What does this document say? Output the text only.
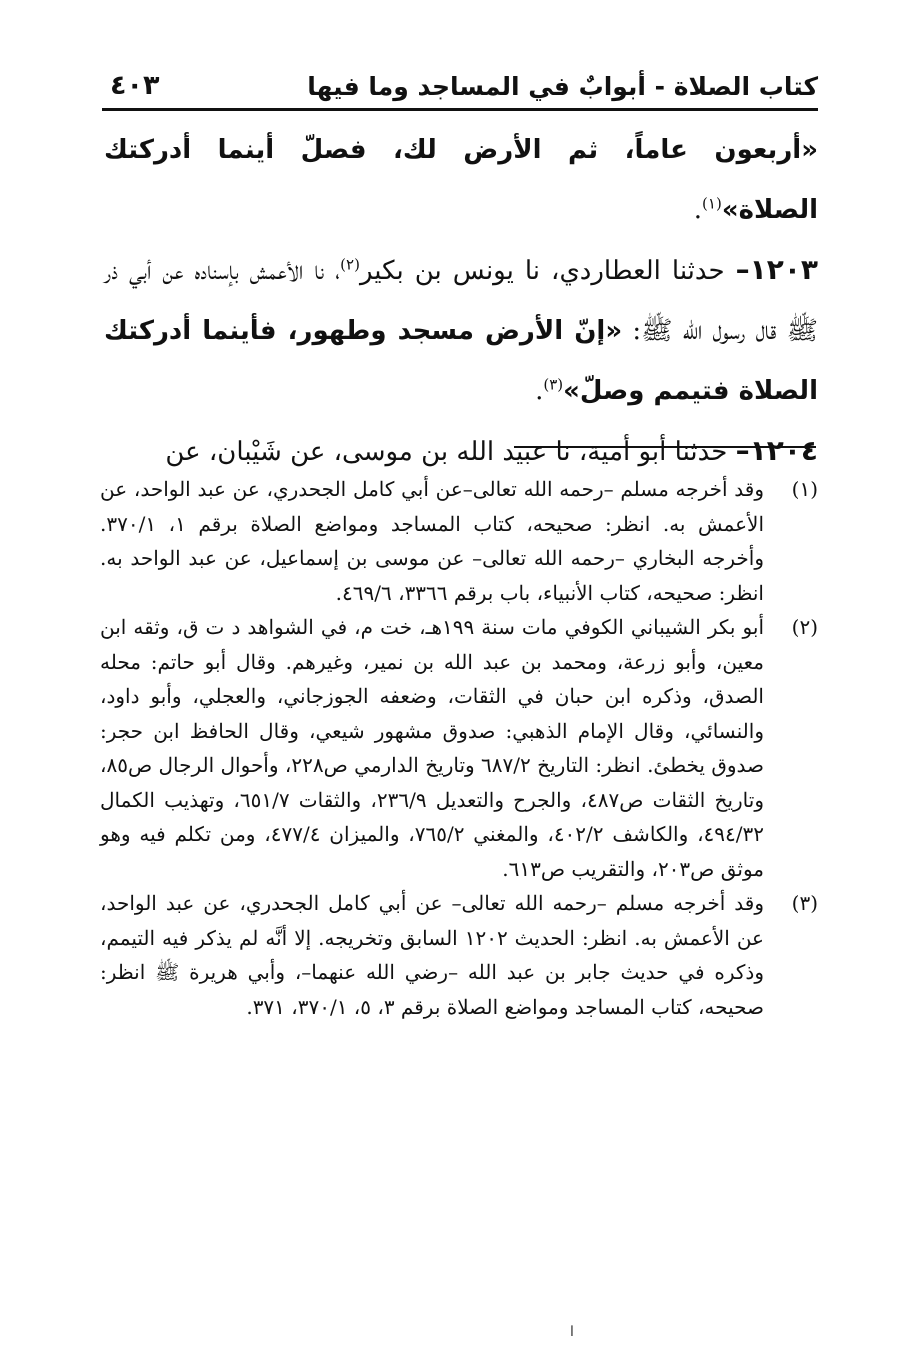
كتاب الصلاة - أبوابٌ في المساجد وما فيها
٤٠٣

«أربعون عاماً، ثم الأرض لك، فصلّ أينما أدركتك الصلاة»$^{(١)}$.

١٢٠٣– حدثنا العطاردي، نا يونس بن بكير$^{(٢)}$، نا الأعمش بإسناده عن أبي ذر ﷺ قال رسول الله ﷺ: «إنّ الأرض مسجد وطهور، فأينما أدركتك الصلاة فتيمم وصلّ»$^{(٣)}$.

١٢٠٤– حدثنا أبو أمية، نا عبيد الله بن موسى، عن شَيْبان، عن

(١)
وقد أخرجه مسلم –رحمه الله تعالى–عن أبي كامل الجحدري، عن عبد الواحد، عن الأعمش به. انظر: صحيحه، كتاب المساجد ومواضع الصلاة برقم ١، ٣٧٠/١. وأخرجه البخاري –رحمه الله تعالى– عن موسى بن إسماعيل، عن عبد الواحد به. انظر: صحيحه، كتاب الأنبياء، باب برقم ٣٣٦٦، ٤٦٩/٦.

(٢)
أبو بكر الشيباني الكوفي مات سنة ١٩٩هـ، خت م، في الشواهد د ت ق، وثقه ابن معين، وأبو زرعة، ومحمد بن عبد الله بن نمير، وغيرهم. وقال أبو حاتم: محله الصدق، وذكره ابن حبان في الثقات، وضعفه الجوزجاني، والعجلي، وأبو داود، والنسائي، وقال الإمام الذهبي: صدوق مشهور شيعي، وقال الحافظ ابن حجر: صدوق يخطئ. انظر: التاريخ ٦٨٧/٢ وتاريخ الدارمي ص٢٢٨، وأحوال الرجال ص٨٥، وتاريخ الثقات ص٤٨٧، والجرح والتعديل ٢٣٦/٩، والثقات ٦٥١/٧، وتهذيب الكمال ٤٩٤/٣٢، والكاشف ٤٠٢/٢، والمغني ٧٦٥/٢، والميزان ٤٧٧/٤، ومن تكلم فيه وهو موثق ص٢٠٣، والتقريب ص٦١٣.

(٣)
وقد أخرجه مسلم –رحمه الله تعالى– عن أبي كامل الجحدري، عن عبد الواحد، عن الأعمش به. انظر: الحديث ١٢٠٢ السابق وتخريجه. إلا أنَّه لم يذكر فيه التيمم، وذكره في حديث جابر بن عبد الله –رضي الله عنهما–، وأبي هريرة ﷺ انظر: صحيحه، كتاب المساجد ومواضع الصلاة برقم ٣، ٥، ٣٧٠/١، ٣٧١.

ا
